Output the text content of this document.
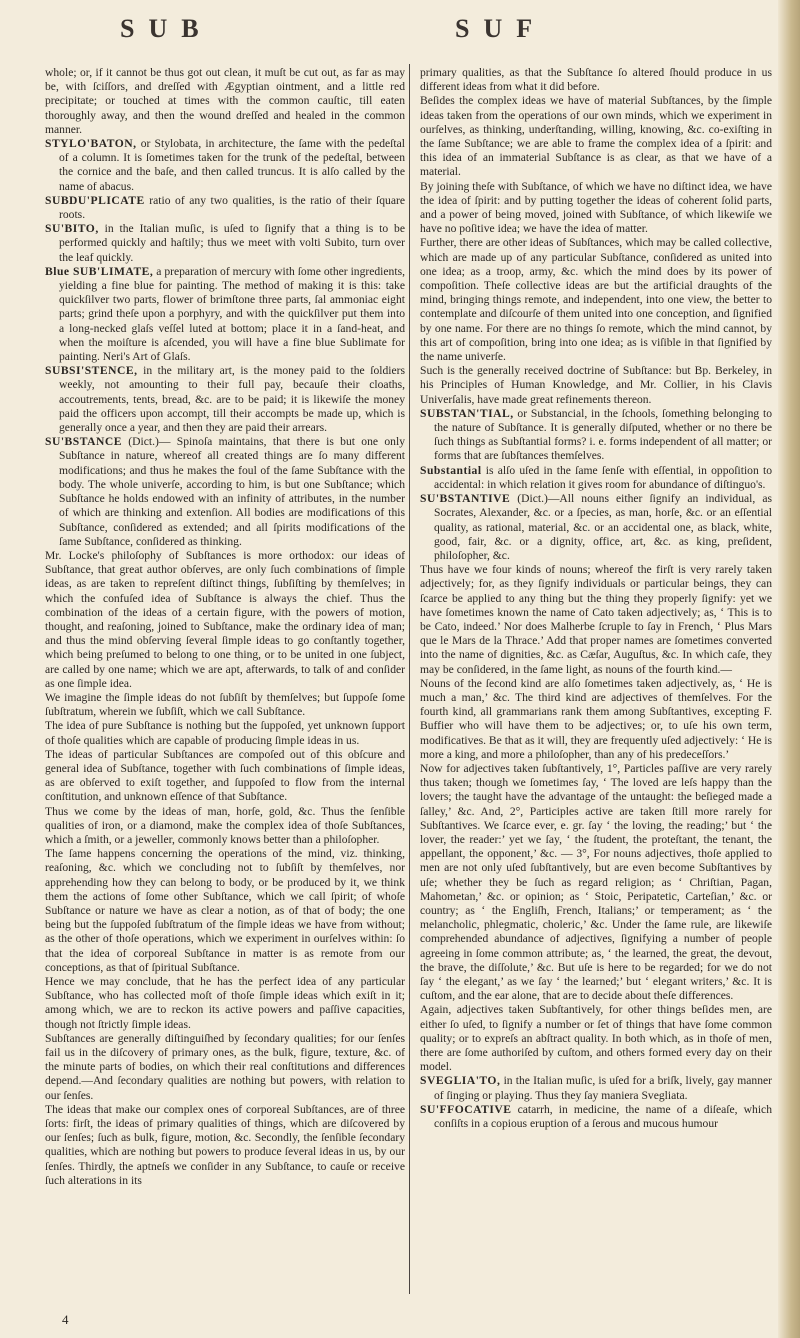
SUB	SUF

whole; or, if it cannot be thus got out clean, it muſt be cut out, as far as may be, with ſciſſors, and dreſſed with Ægyptian ointment, and a little red precipitate; or touched at times with the common cauſtic, till eaten thoroughly away, and then the wound dreſſed and healed in the common manner.

STYLO'BATON, or Stylobata, in architecture, the ſame with the pedeſtal of a column. It is ſometimes taken for the trunk of the pedeſtal, between the cornice and the baſe, and then called truncus. It is alſo called by the name of abacus.

SUBDU'PLICATE ratio of any two qualities, is the ratio of their ſquare roots.

SU'BITO, in the Italian muſic, is uſed to ſignify that a thing is to be performed quickly and haſtily; thus we meet with volti Subito, turn over the leaf quickly.

Blue SUB'LIMATE, a preparation of mercury with ſome other ingredients, yielding a fine blue for painting. The method of making it is this: take quickſilver two parts, flower of brimſtone three parts, ſal ammoniac eight parts; grind theſe upon a porphyry, and with the quickſilver put them into a long-necked glaſs veſſel luted at bottom; place it in a ſand-heat, and when the moiſture is aſcended, you will have a fine blue Sublimate for painting. Neri's Art of Glaſs.

SUBSI'STENCE, in the military art, is the money paid to the ſoldiers weekly, not amounting to their full pay, becauſe their cloaths, accoutrements, tents, bread, &c. are to be paid; it is likewiſe the money paid the officers upon accompt, till their accompts be made up, which is generally once a year, and then they are paid their arrears.

SU'BSTANCE (Dict.)— Spinoſa maintains, that there is but one only Subſtance in nature, whereof all created things are ſo many different modifications; and thus he makes the foul of the ſame Subſtance with the body. The whole univerſe, according to him, is but one Subſtance; which Subſtance he holds endowed with an infinity of attributes, in the number of which are thinking and extenſion. All bodies are modifications of this Subſtance, conſidered as extended; and all ſpirits modifications of the ſame Subſtance, conſidered as thinking.

Mr. Locke's philoſophy of Subſtances is more orthodox: our ideas of Subſtance, that great author obſerves, are only ſuch combinations of ſimple ideas, as are taken to repreſent diſtinct things, ſubſiſting by themſelves; in which the confuſed idea of Subſtance is always the chief. Thus the combination of the ideas of a certain figure, with the powers of motion, thought, and reaſoning, joined to Subſtance, make the ordinary idea of man; and thus the mind obſerving ſeveral ſimple ideas to go conſtantly together, which being preſumed to belong to one thing, or to be united in one ſubject, are called by one name; which we are apt, afterwards, to talk of and conſider as one ſimple idea.

We imagine the ſimple ideas do not ſubſiſt by themſelves; but ſuppoſe ſome ſubſtratum, wherein we ſubſiſt, which we call Subſtance.

The idea of pure Subſtance is nothing but the ſuppoſed, yet unknown ſupport of thoſe qualities which are capable of producing ſimple ideas in us.

The ideas of particular Subſtances are compoſed out of this obſcure and general idea of Subſtance, together with ſuch combinations of ſimple ideas, as are obſerved to exiſt together, and ſuppoſed to flow from the internal conſtitution, and unknown eſſence of that Subſtance.

Thus we come by the ideas of man, horſe, gold, &c. Thus the ſenſible qualities of iron, or a diamond, make the complex idea of thoſe Subſtances, which a ſmith, or a jeweller, commonly knows better than a philoſopher.

The ſame happens concerning the operations of the mind, viz. thinking, reaſoning, &c. which we concluding not to ſubſiſt by themſelves, nor apprehending how they can belong to body, or be produced by it, we think them the actions of ſome other Subſtance, which we call ſpirit; of whoſe Subſtance or nature we have as clear a notion, as of that of body; the one being but the ſuppoſed ſubſtratum of the ſimple ideas we have from without; as the other of thoſe operations, which we experiment in ourſelves within: ſo that the idea of corporeal Subſtance in matter is as remote from our conceptions, as that of ſpiritual Subſtance.

Hence we may conclude, that he has the perfect idea of any particular Subſtance, who has collected moſt of thoſe ſimple ideas which exiſt in it; among which, we are to reckon its active powers and paſſive capacities, though not ſtrictly ſimple ideas.

Subſtances are generally diſtinguiſhed by ſecondary qualities; for our ſenſes fail us in the diſcovery of primary ones, as the bulk, figure, texture, &c. of the minute parts of bodies, on which their real conſtitutions and differences depend.—And ſecondary qualities are nothing but powers, with relation to our ſenſes.

The ideas that make our complex ones of corporeal Subſtances, are of three ſorts: firſt, the ideas of primary qualities of things, which are diſcovered by our ſenſes; ſuch as bulk, figure, motion, &c. Secondly, the ſenſible ſecondary qualities, which are nothing but powers to produce ſeveral ideas in us, by our ſenſes. Thirdly, the aptneſs we conſider in any Subſtance, to cauſe or receive ſuch alterations in its

primary qualities, as that the Subſtance ſo altered ſhould produce in us different ideas from what it did before.

Beſides the complex ideas we have of material Subſtances, by the ſimple ideas taken from the operations of our own minds, which we experiment in ourſelves, as thinking, underſtanding, willing, knowing, &c. co-exiſting in the ſame Subſtance; we are able to frame the complex idea of a ſpirit: and this idea of an immaterial Subſtance is as clear, as that we have of a material.

By joining theſe with Subſtance, of which we have no diſtinct idea, we have the idea of ſpirit: and by putting together the ideas of coherent ſolid parts, and a power of being moved, joined with Subſtance, of which likewiſe we have no poſitive idea; we have the idea of matter.

Further, there are other ideas of Subſtances, which may be called collective, which are made up of any particular Subſtance, conſidered as united into one idea; as a troop, army, &c. which the mind does by its power of compoſition. Theſe collective ideas are but the artificial draughts of the mind, bringing things remote, and independent, into one view, the better to contemplate and diſcourſe of them united into one conception, and ſignified by one name. For there are no things ſo remote, which the mind cannot, by this art of compoſition, bring into one idea; as is viſible in that ſignified by the name univerſe.

Such is the generally received doctrine of Subſtance: but Bp. Berkeley, in his Principles of Human Knowledge, and Mr. Collier, in his Clavis Univerſalis, have made great refinements thereon.

SUBSTAN'TIAL, or Substancial, in the ſchools, ſomething belonging to the nature of Subſtance. It is generally diſputed, whether or no there be ſuch things as Subſtantial forms? i. e. forms independent of all matter; or forms that are ſubſtances themſelves.

Substantial is alſo uſed in the ſame ſenſe with eſſential, in oppoſition to accidental: in which relation it gives room for abundance of diſtinguo's.

SU'BSTANTIVE (Dict.)—All nouns either ſignify an individual, as Socrates, Alexander, &c. or a ſpecies, as man, horſe, &c. or an eſſential quality, as rational, material, &c. or an accidental one, as black, white, good, fair, &c. or a dignity, office, art, &c. as king, preſident, philoſopher, &c.

Thus have we four kinds of nouns; whereof the firſt is very rarely taken adjectively; for, as they ſignify individuals or particular beings, they can ſcarce be applied to any thing but the thing they properly ſignify: yet we have ſometimes known the name of Cato taken adjectively; as, ‘ This is to be Cato, indeed.’ Nor does Malherbe ſcruple to ſay in French, ‘ Plus Mars que le Mars de la Thrace.’ Add that proper names are ſometimes converted into the name of dignities, &c. as Cæſar, Auguſtus, &c. In which caſe, they may be conſidered, in the ſame light, as nouns of the fourth kind.—

Nouns of the ſecond kind are alſo ſometimes taken adjectively, as, ‘ He is much a man,’ &c. The third kind are adjectives of themſelves. For the fourth kind, all grammarians rank them among Subſtantives, excepting F. Buffier who will have them to be adjectives; or, to uſe his own term, modificatives. Be that as it will, they are frequently uſed adjectively: ‘ He is more a king, and more a philoſopher, than any of his predeceſſors.’

Now for adjectives taken ſubſtantively, 1°, Particles paſſive are very rarely thus taken; though we ſometimes ſay, ‘ The loved are leſs happy than the lovers; the taught have the advantage of the untaught: the beſieged made a ſalley,’ &c. And, 2°, Participles active are taken ſtill more rarely for Subſtantives. We ſcarce ever, e. gr. ſay ‘ the loving, the reading;’ but ‘ the lover, the reader:’ yet we ſay, ‘ the ſtudent, the proteſtant, the tenant, the appellant, the opponent,’ &c. — 3°, For nouns adjectives, thoſe applied to men are not only uſed ſubſtantively, but are even become Subſtantives by uſe; whether they be ſuch as regard religion; as ‘ Chriſtian, Pagan, Mahometan,’ &c. or opinion; as ‘ Stoic, Peripatetic, Carteſian,’ &c. or country; as ‘ the Engliſh, French, Italians;’ or temperament; as ‘ the melancholic, phlegmatic, choleric,’ &c. Under the ſame rule, are likewiſe comprehended abundance of adjectives, ſignifying a number of people agreeing in ſome common attribute; as, ‘ the learned, the great, the devout, the brave, the diſſolute,’ &c. But uſe is here to be regarded; for we do not ſay ‘ the elegant,’ as we ſay ‘ the learned;’ but ‘ elegant writers,’ &c. It is cuſtom, and the ear alone, that are to decide about theſe differences.

Again, adjectives taken Subſtantively, for other things beſides men, are either ſo uſed, to ſignify a number or ſet of things that have ſome common quality; or to expreſs an abſtract quality. In both which, as in thoſe of men, there are ſome authoriſed by cuſtom, and others formed every day on their model.

SVEGLIA'TO, in the Italian muſic, is uſed for a briſk, lively, gay manner of ſinging or playing. Thus they ſay maniera Svegliata.

SU'FFOCATIVE catarrh, in medicine, the name of a diſeaſe, which conſiſts in a copious eruption of a ſerous and mucous humour

4
